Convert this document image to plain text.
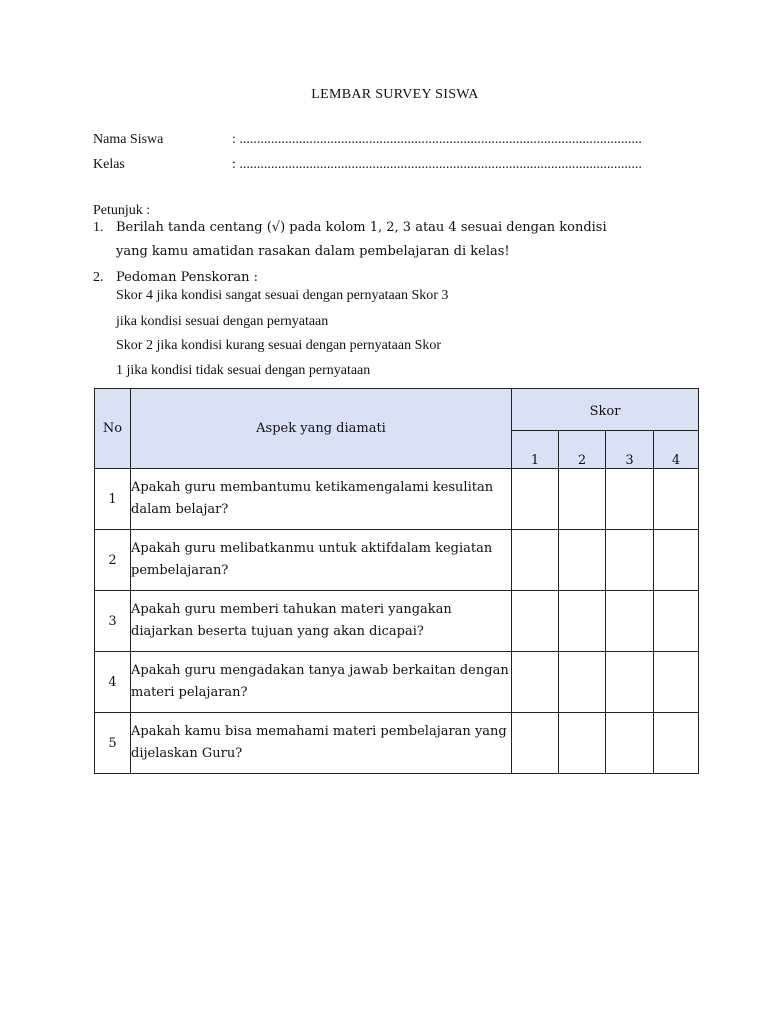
LEMBAR SURVEY SISWA
Nama Siswa	: ...................................................................................................................
Kelas	: ...................................................................................................................
Petunjuk :
1. Berilah tanda centang (√) pada kolom 1, 2, 3 atau 4 sesuai dengan kondisi
yang kamu amatidan rasakan dalam pembelajaran di kelas!
2. Pedoman Penskoran :
Skor 4 jika kondisi sangat sesuai dengan pernyataan Skor 3
jika kondisi sesuai dengan pernyataan
Skor 2 jika kondisi kurang sesuai dengan pernyataan Skor
1 jika kondisi tidak sesuai dengan pernyataan
No	Aspek yang diamati	Skor			
		1	2	3	4
1	Apakah guru membantumu ketikamengalami kesulitan dalam belajar?				
2	Apakah guru melibatkanmu untuk aktifdalam kegiatan pembelajaran?				
3	Apakah guru memberi tahukan materi yangakan diajarkan beserta tujuan yang akan dicapai?				
4	Apakah guru mengadakan tanya jawab berkaitan dengan materi pelajaran?				
5	Apakah kamu bisa memahami materi pembelajaran yang dijelaskan Guru?				
